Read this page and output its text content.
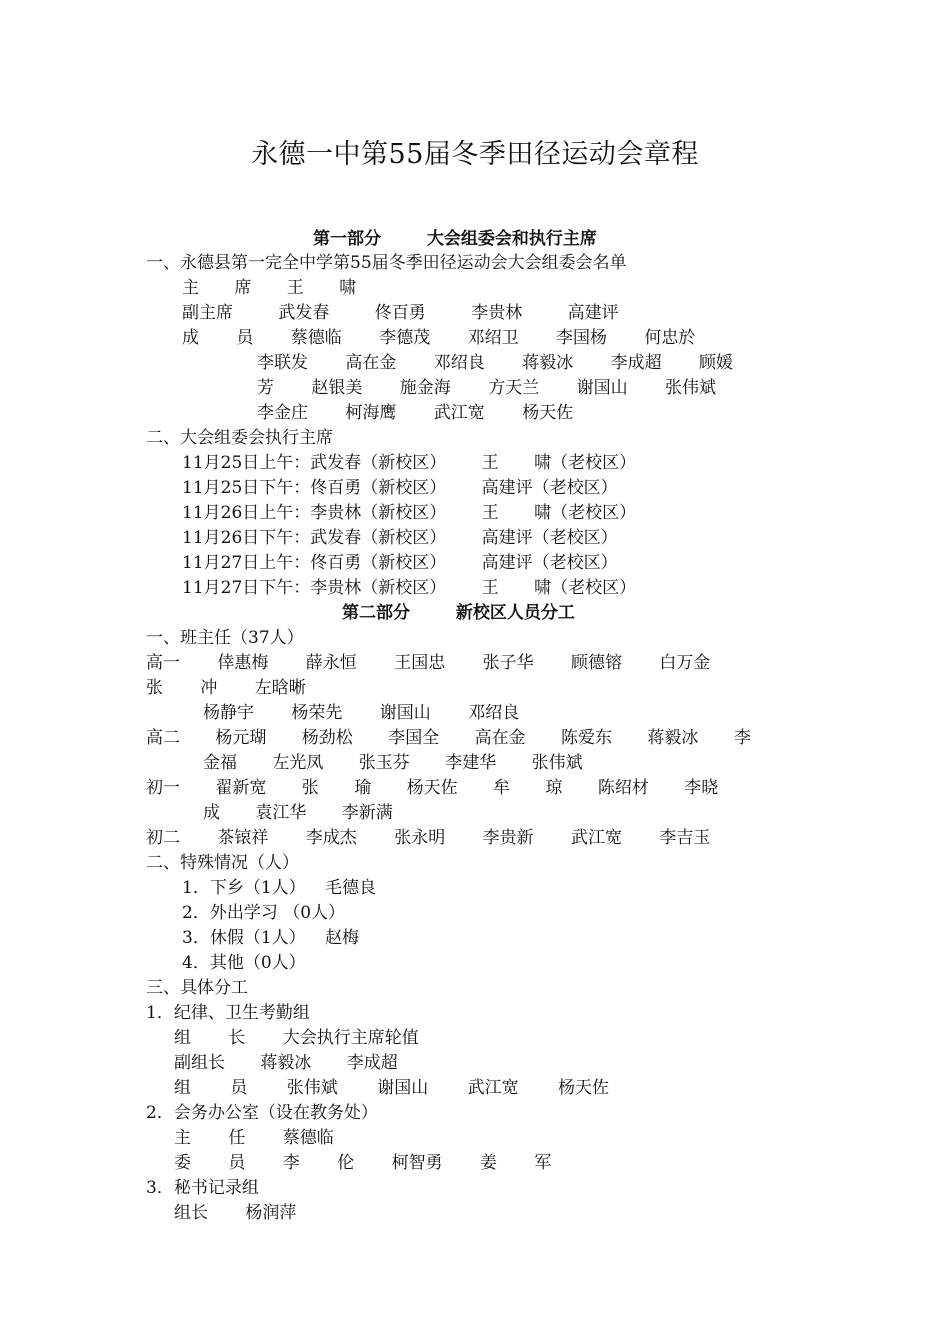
永德一中第55届冬季田径运动会章程
第一部分 大会组委会和执行主席
一、永德县第一完全中学第55届冬季田径运动会大会组委会名单
主 席 王 啸
副主席 武发春 佟百勇 李贵林 高建评
成 员 蔡德临 李德茂 邓绍卫 李国杨 何忠於
李联发 高在金 邓绍良 蒋毅冰 李成超 顾媛
芳 赵银美 施金海 方天兰 谢国山 张伟斌
李金庄 柯海鹰 武江宽 杨天佐
二、大会组委会执行主席
11月25日上午：武发春（新校区） 王 啸（老校区）
11月25日下午：佟百勇（新校区） 高建评（老校区）
11月26日上午：李贵林（新校区） 王 啸（老校区）
11月26日下午：武发春（新校区） 高建评（老校区）
11月27日上午：佟百勇（新校区） 高建评（老校区）
11月27日下午：李贵林（新校区） 王 啸（老校区）
第二部分 新校区人员分工
一、班主任（37人）
高一 倖惠梅 薛永恒 王国忠 张子华 顾德镕 白万金
张 冲 左晗晰
杨静宇 杨荣先 谢国山 邓绍良
高二 杨元瑚 杨劲松 李国全 高在金 陈爱东 蒋毅冰 李
金福 左光凤 张玉芬 李建华 张伟斌
初一 翟新宽 张 瑜 杨天佐 牟 琼 陈绍材 李晓
成 袁江华 李新满
初二 茶锿祥 李成杰 张永明 李贵新 武江宽 李吉玉
二、特殊情况（人）
1．下乡（1人） 毛德良
2．外出学习 （0人）
3．休假（1人） 赵梅
4．其他（0人）
三、具体分工
1．纪律、卫生考勤组
组 长 大会执行主席轮值
副组长 蒋毅冰 李成超
组 员 张伟斌 谢国山 武江宽 杨天佐
2．会务办公室（设在教务处）
主 任 蔡德临
委 员 李 伦 柯智勇 姜 军
3．秘书记录组
组长 杨润萍
